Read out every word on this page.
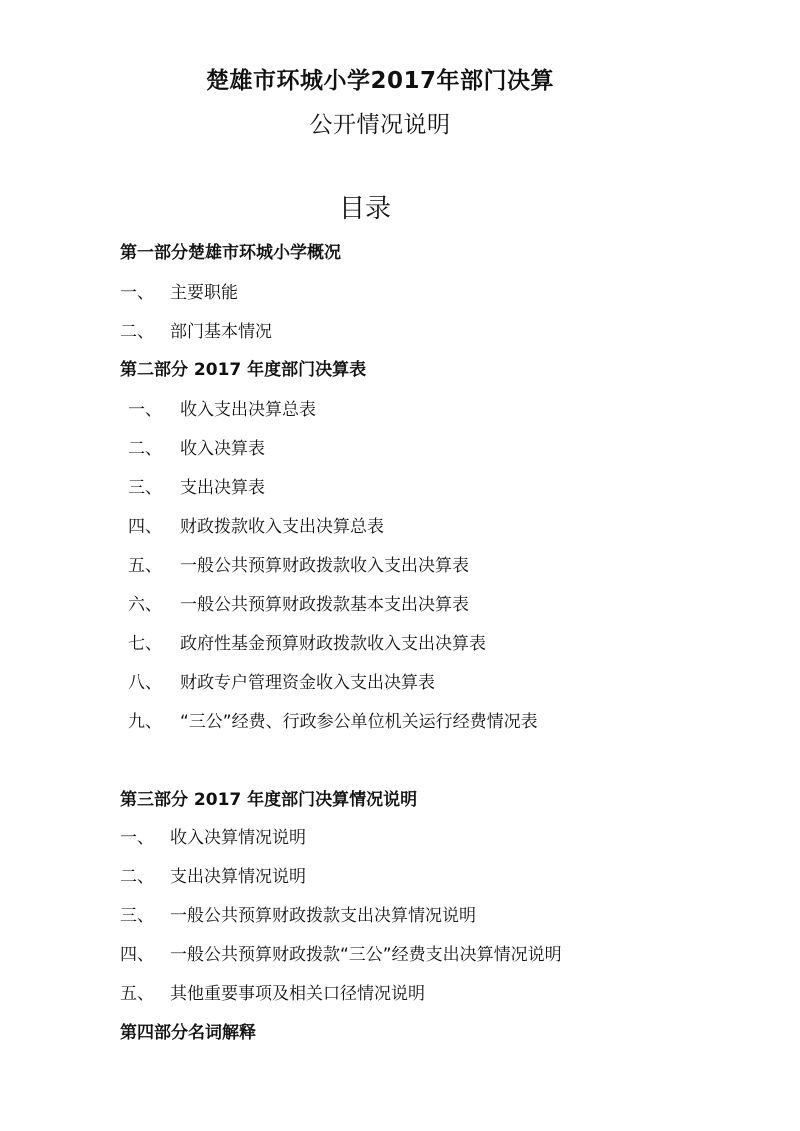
楚雄市环城小学2017年部门决算
公开情况说明
目录
第一部分楚雄市环城小学概况
一、 主要职能
二、 部门基本情况
第二部分 2017 年度部门决算表
一、 收入支出决算总表
二、 收入决算表
三、 支出决算表
四、 财政拨款收入支出决算总表
五、 一般公共预算财政拨款收入支出决算表
六、 一般公共预算财政拨款基本支出决算表
七、 政府性基金预算财政拨款收入支出决算表
八、 财政专户管理资金收入支出决算表
九、 “三公”经费、行政参公单位机关运行经费情况表
第三部分 2017 年度部门决算情况说明
一、 收入决算情况说明
二、 支出决算情况说明
三、 一般公共预算财政拨款支出决算情况说明
四、 一般公共预算财政拨款“三公”经费支出决算情况说明
五、 其他重要事项及相关口径情况说明
第四部分名词解释
